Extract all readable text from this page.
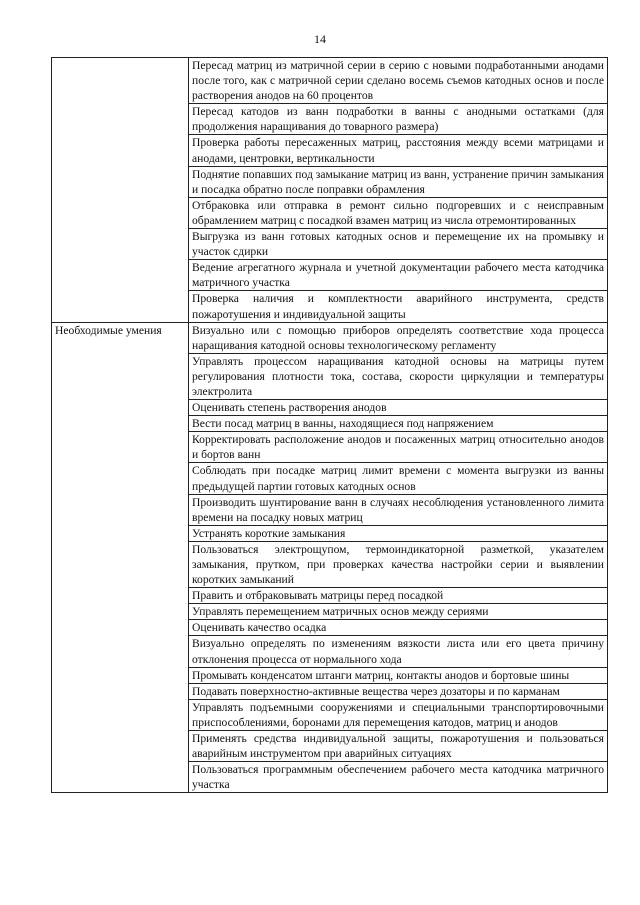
14
	Пересад матриц из матричной серии в серию с новыми подработанными анодами после того, как с матричной серии сделано восемь съемов катодных основ и после растворения анодов на 60 процентов
	Пересад катодов из ванн подработки в ванны с анодными остатками (для продолжения наращивания до товарного размера)
	Проверка работы пересаженных матриц, расстояния между всеми матрицами и анодами, центровки, вертикальности
	Поднятие попавших под замыкание матриц из ванн, устранение причин замыкания и посадка обратно после поправки обрамления
	Отбраковка или отправка в ремонт сильно подгоревших и с неисправным обрамлением матриц с посадкой взамен матриц из числа отремонтированных
	Выгрузка из ванн готовых катодных основ и перемещение их на промывку и участок сдирки
	Ведение агрегатного журнала и учетной документации рабочего места катодчика матричного участка
	Проверка наличия и комплектности аварийного инструмента, средств пожаротушения и индивидуальной защиты
Необходимые умения	Визуально или с помощью приборов определять соответствие хода процесса наращивания катодной основы технологическому регламенту
	Управлять процессом наращивания катодной основы на матрицы путем регулирования плотности тока, состава, скорости циркуляции и температуры электролита
	Оценивать степень растворения анодов
	Вести посад матриц в ванны, находящиеся под напряжением
	Корректировать расположение анодов и посаженных матриц относительно анодов и бортов ванн
	Соблюдать при посадке матриц лимит времени с момента выгрузки из ванны предыдущей партии готовых катодных основ
	Производить шунтирование ванн в случаях несоблюдения установленного лимита времени на посадку новых матриц
	Устранять короткие замыкания
	Пользоваться электрощупом, термоиндикаторной разметкой, указателем замыкания, прутком, при проверках качества настройки серии и выявлении коротких замыканий
	Править и отбраковывать матрицы перед посадкой
	Управлять перемещением матричных основ между сериями
	Оценивать качество осадка
	Визуально определять по изменениям вязкости листа или его цвета причину отклонения процесса от нормального хода
	Промывать конденсатом штанги матриц, контакты анодов и бортовые шины
	Подавать поверхностно-активные вещества через дозаторы и по карманам
	Управлять подъемными сооружениями и специальными транспортировочными приспособлениями, боронами для перемещения катодов, матриц и анодов
	Применять средства индивидуальной защиты, пожаротушения и пользоваться аварийным инструментом при аварийных ситуациях
	Пользоваться программным обеспечением рабочего места катодчика матричного участка
